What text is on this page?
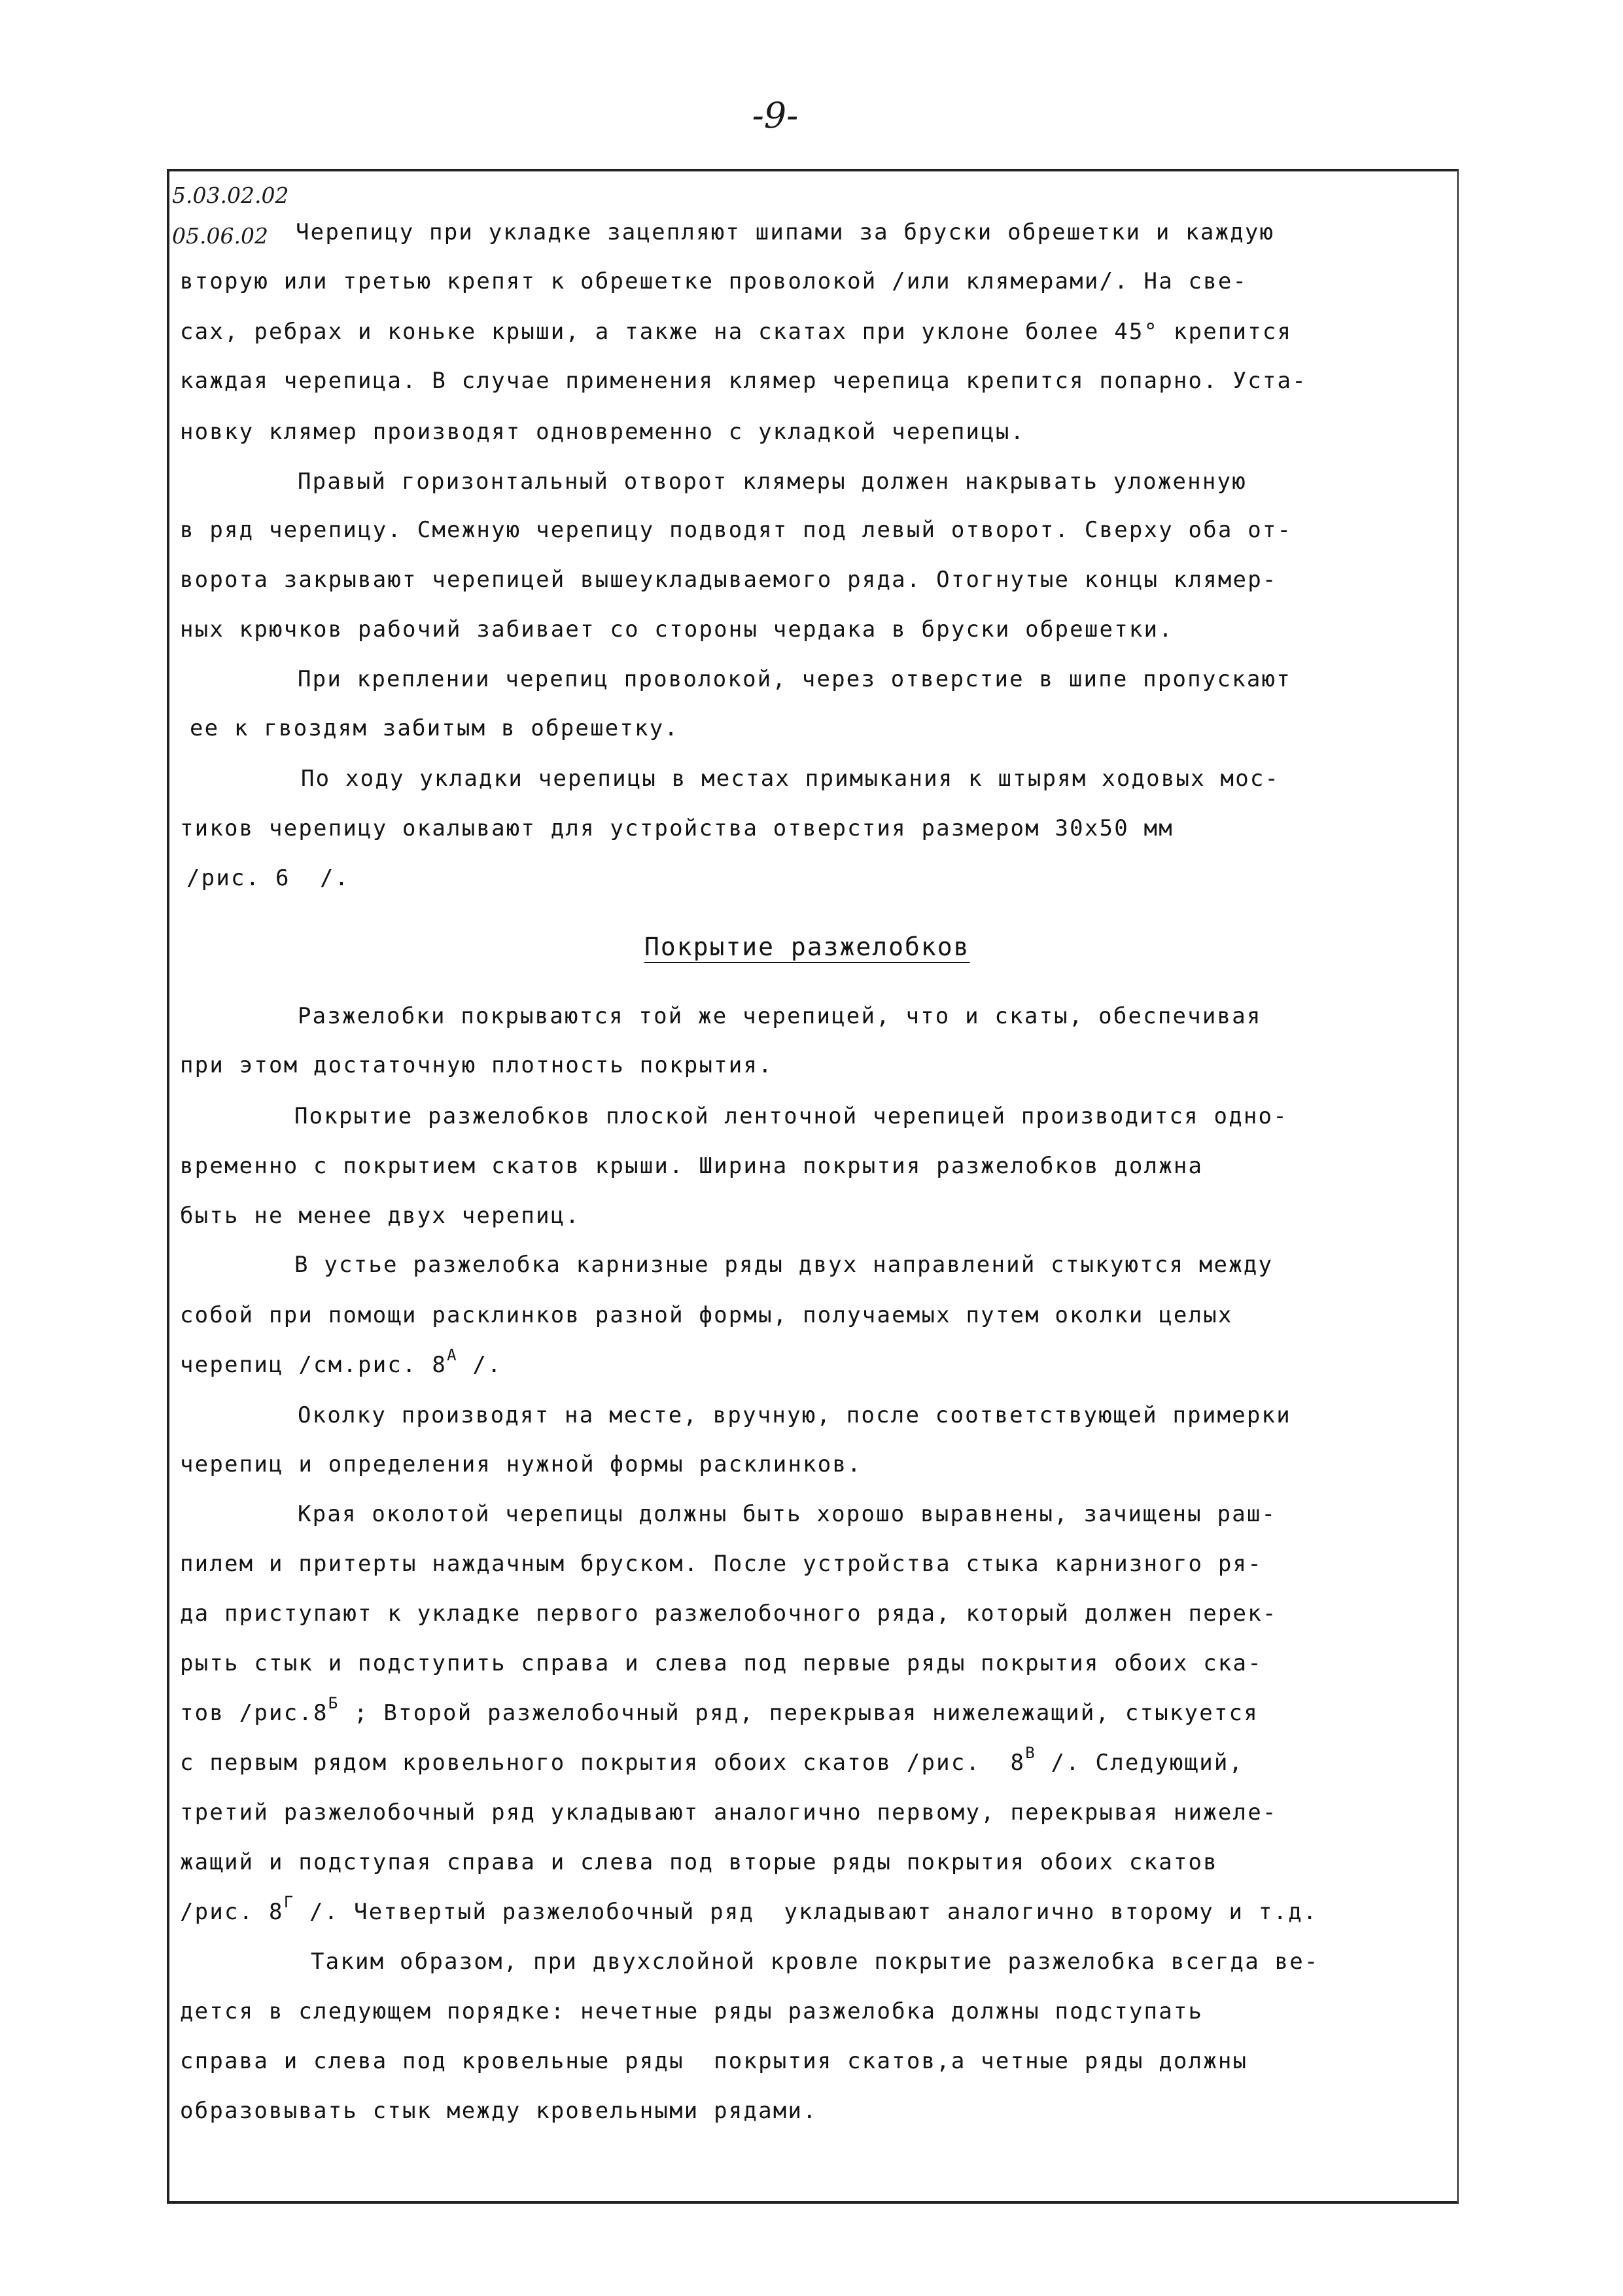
-9-
5.03.02.02
05.06.02	Черепицу при укладке зацепляют шипами за бруски обрешетки и каждую
вторую или третью крепят к обрешетке проволокой /или клямерами/. На све-
сах, ребрах и коньке крыши, а также на скатах при уклоне более 45° крепится
каждая черепица. В случае применения клямер черепица крепится попарно. Уста-
новку клямер производят одновременно с укладкой черепицы.
Правый горизонтальный отворот клямеры должен накрывать уложенную
в ряд черепицу. Смежную черепицу подводят под левый отворот. Сверху оба от-
ворота закрывают черепицей вышеукладываемого ряда. Отогнутые концы клямер-
ных крючков рабочий забивает со стороны чердака в бруски обрешетки.
При креплении черепиц проволокой, через отверстие в шипе пропускают
ее к гвоздям забитым в обрешетку.
По ходу укладки черепицы в местах примыкания к штырям ходовых мос-
тиков черепицу окалывают для устройства отверстия размером 30х50 мм
/рис. 6  /.
Покрытие разжелобков
Разжелобки покрываются той же черепицей, что и скаты, обеспечивая
при этом достаточную плотность покрытия.
Покрытие разжелобков плоской ленточной черепицей производится одно-
временно с покрытием скатов крыши. Ширина покрытия разжелобков должна
быть не менее двух черепиц.
В устье разжелобка карнизные ряды двух направлений стыкуются между
собой при помощи расклинков разной формы, получаемых путем околки целых
черепиц /см.рис. $8^А$ /.
Околку производят на месте, вручную, после соответствующей примерки
черепиц и определения нужной формы расклинков.
Края околотой черепицы должны быть хорошо выравнены, зачищены раш-
пилем и притерты наждачным бруском. После устройства стыка карнизного ря-
да приступают к укладке первого разжелобочного ряда, который должен перек-
рыть стык и подступить справа и слева под первые ряды покрытия обоих ска-
тов $/рис.8^Б$ ; Второй разжелобочный ряд, перекрывая нижележащий, стыкуется
с первым рядом кровельного покрытия обоих скатов /рис.  $8^В$ /. Следующий,
третий разжелобочный ряд укладывают аналогично первому, перекрывая нижеле-
жащий и подступая справа и слева под вторые ряды покрытия обоих скатов
/рис. $8^Г$ /. Четвертый разжелобочный ряд  укладывают аналогично второму и т.д.
Таким образом, при двухслойной кровле покрытие разжелобка всегда ве-
дется в следующем порядке: нечетные ряды разжелобка должны подступать
справа и слева под кровельные ряды  покрытия скатов,а четные ряды должны
образовывать стык между кровельными рядами.
